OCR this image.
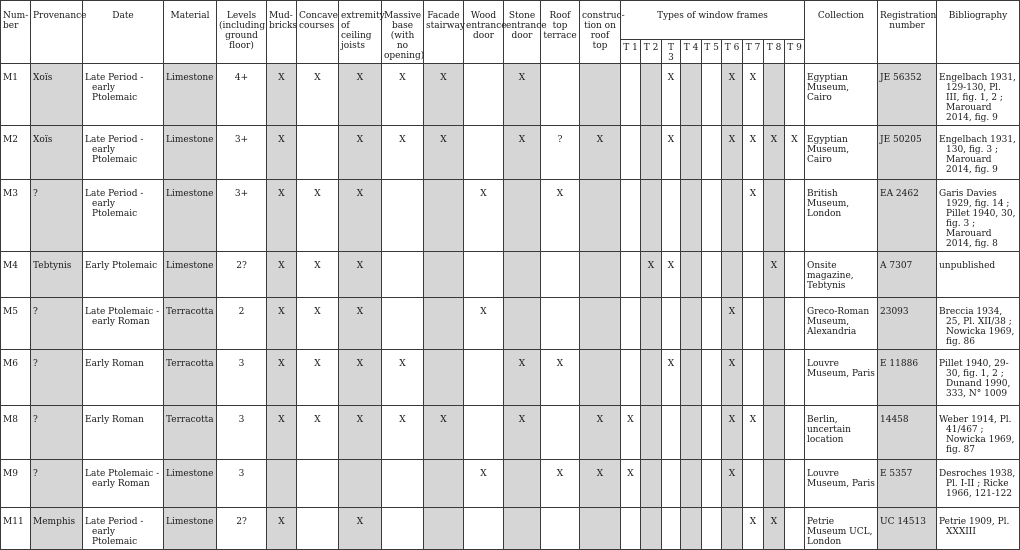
Num-ber	Provenance	Date	Material	Levels (including ground floor)	Mud-bricks	Concave courses	extremity of ceiling joists	Massive base (with no opening)	Facade stairway	Wood entrance door	Stone entrance door	Roof top terrace	construc-tion on roof top	Types of window frames									Collection	Registration number	Bibliography
														T 1	T 2	T 3	T 4	T 5	T 6	T 7	T 8	T 9			
M1	Xoïs	Late Period - early Ptolemaic	Limestone	4+	X	X	X	X	X		X					X			X	X			Egyptian Museum, Cairo	JE 56352	Engelbach 1931, 129-130, Pl. III, fig. 1, 2 ; Marouard 2014, fig. 9
M2	Xoïs	Late Period - early Ptolemaic	Limestone	3+	X		X	X	X		X	?	X			X			X	X	X	X	Egyptian Museum, Cairo	JE 50205	Engelbach 1931, 130, fig. 3 ; Marouard 2014, fig. 9
M3	?	Late Period - early Ptolemaic	Limestone	3+	X	X	X			X		X								X			British Museum, London	EA 2462	Garis Davies 1929, fig. 14 ; Pillet 1940, 30, fig. 3 ; Marouard 2014, fig. 8
M4	Tebtynis	Early Ptolemaic	Limestone	2?	X	X	X								X	X					X		Onsite magazine, Tebtynis	A 7307	unpublished
M5	?	Late Ptolemaic - early Roman	Terracotta	2	X	X	X			X									X				Greco-Roman Museum, Alexandria	23093	Breccia 1934, 25, Pl. XII/38 ; Nowicka 1969, fig. 86
M6	?	Early Roman	Terracotta	3	X	X	X	X			X	X				X			X				Louvre Museum, Paris	E 11886	Pillet 1940, 29-30, fig. 1, 2 ; Dunand 1990, 333, N° 1009
M8	?	Early Roman	Terracotta	3	X	X	X	X	X		X		X	X					X	X			Berlin, uncertain location	14458	Weber 1914, Pl. 41/467 ; Nowicka 1969, fig. 87
M9	?	Late Ptolemaic - early Roman	Limestone	3						X		X	X	X					X				Louvre Museum, Paris	E 5357	Desroches 1938, Pl. I-II ; Ricke 1966, 121-122
M11	Memphis	Late Period - early Ptolemaic	Limestone	2?	X		X													X	X		Petrie Museum UCL, London	UC 14513	Petrie 1909, Pl. XXXIII
